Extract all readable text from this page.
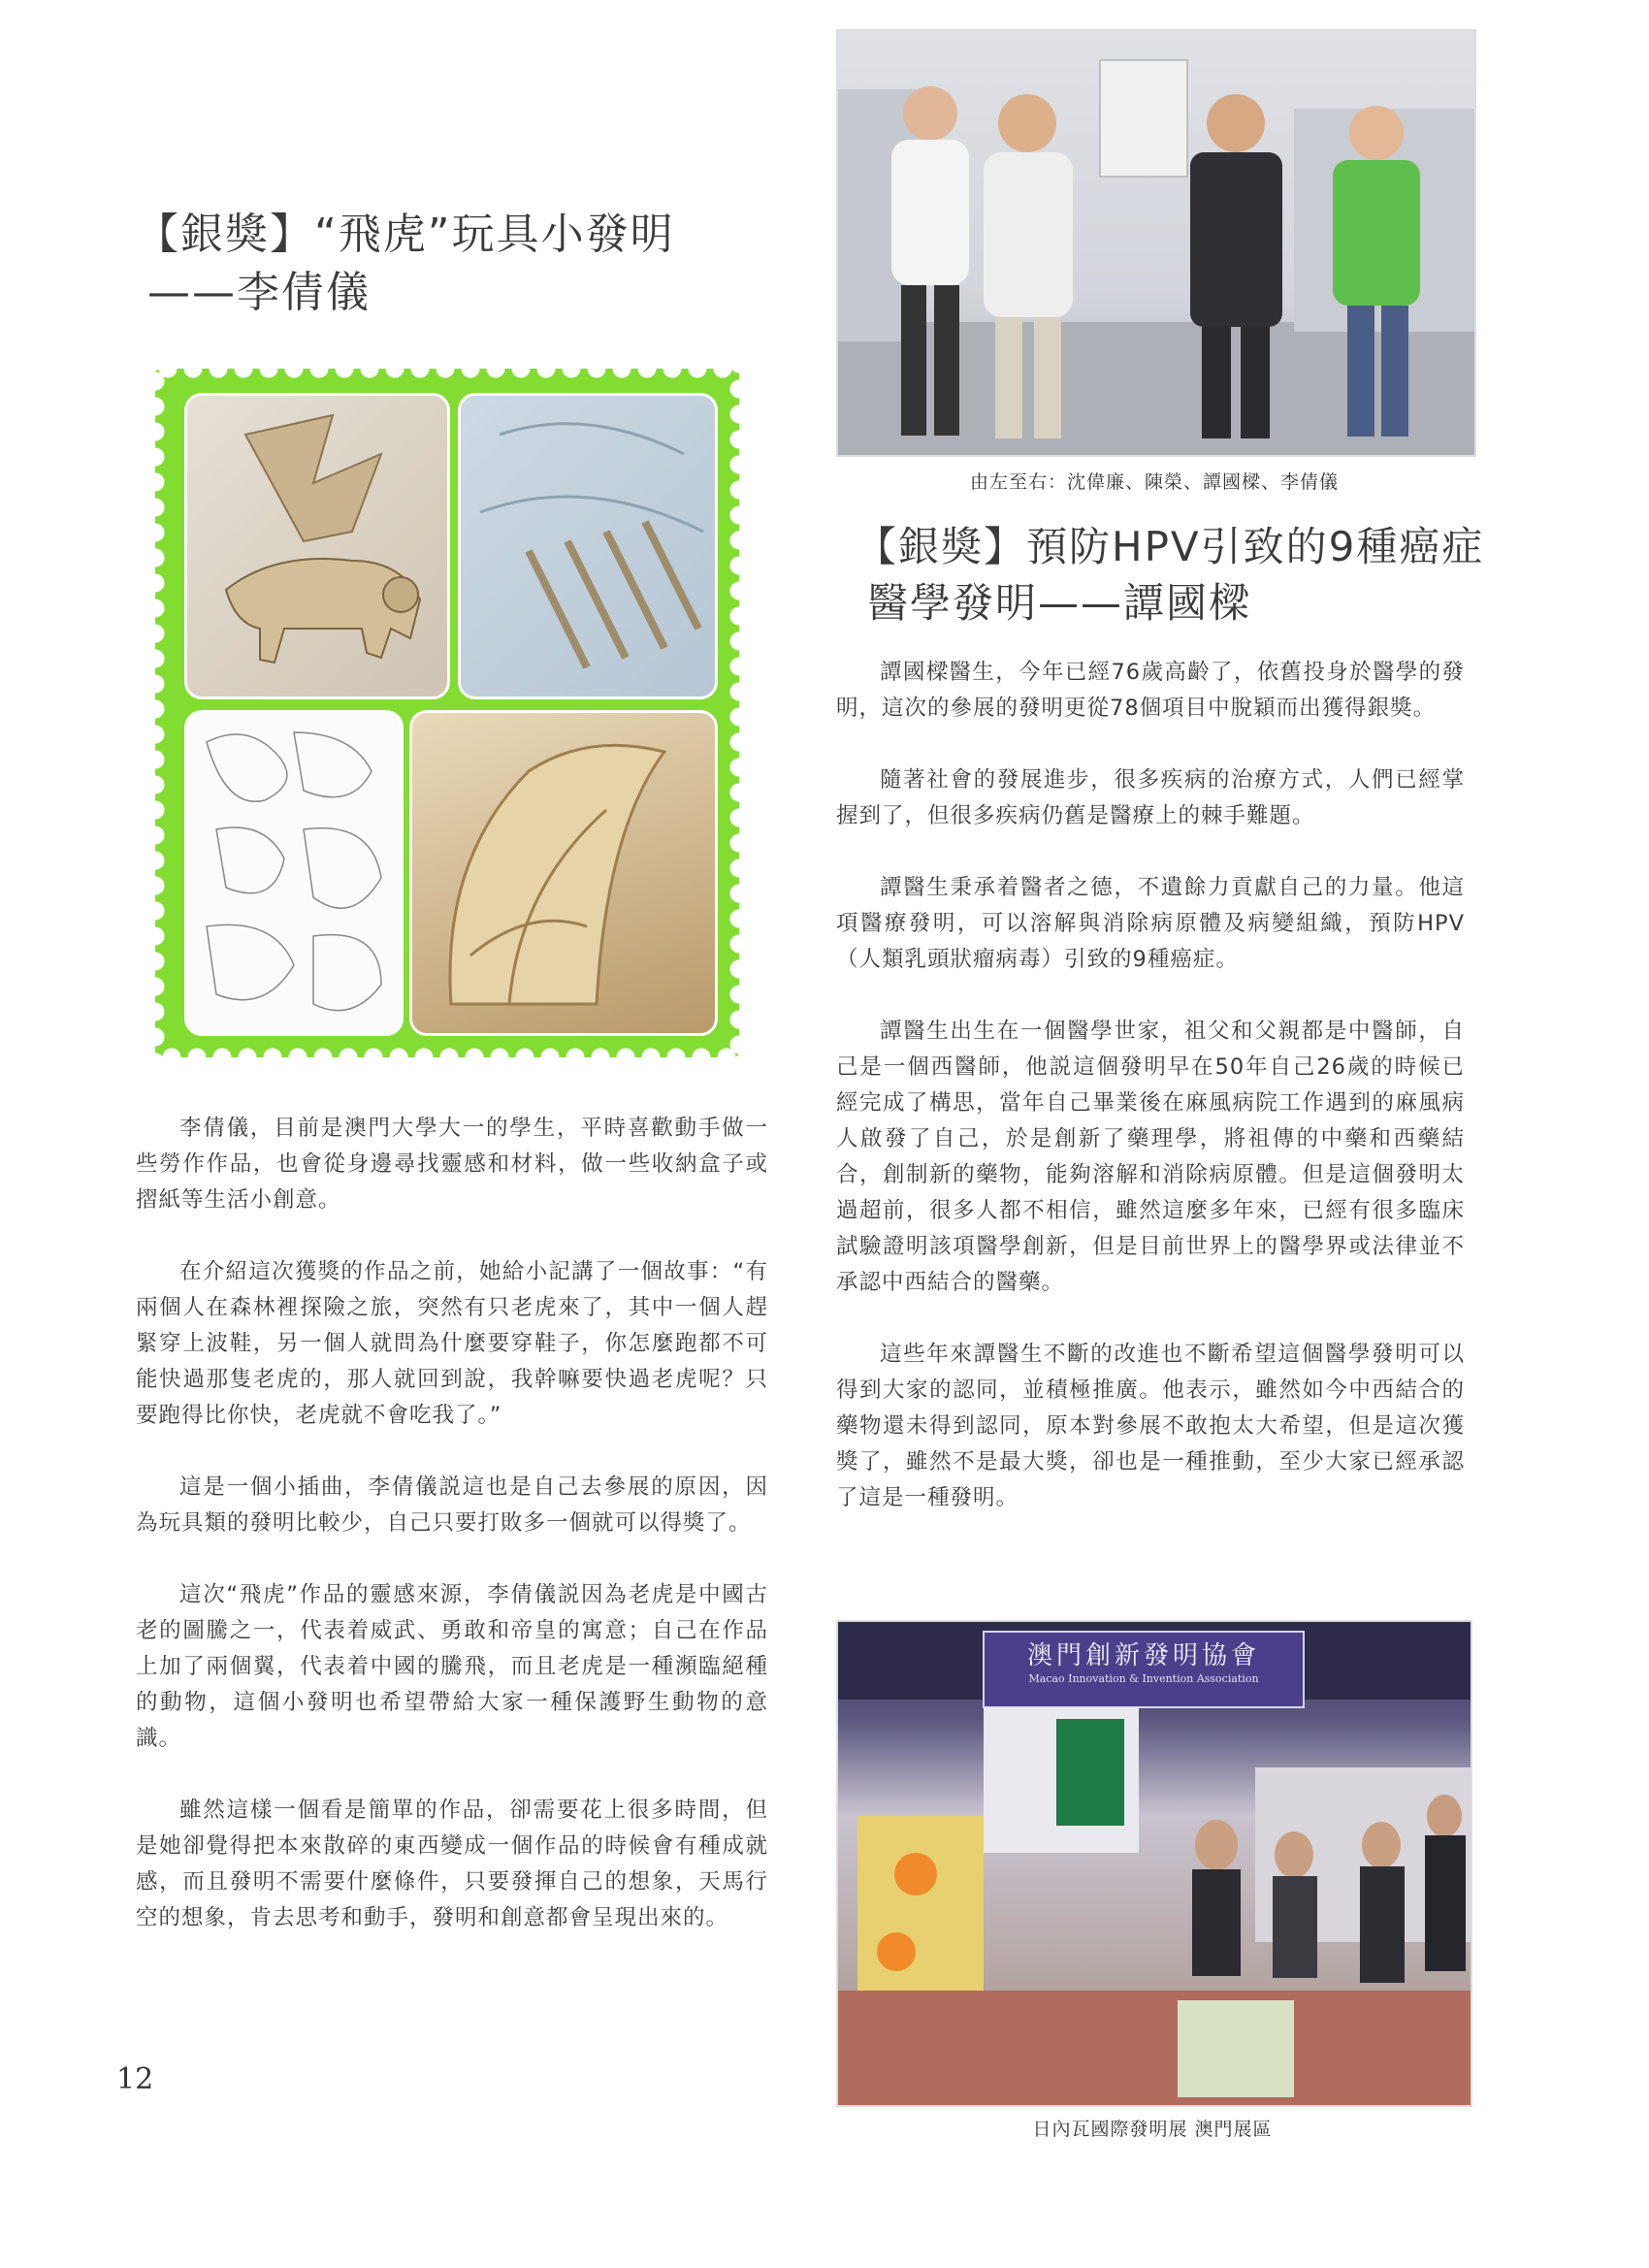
【銀獎】“飛虎”玩具小發明
——李倩儀

李倩儀，目前是澳門大學大一的學生，平時喜歡動手做一些勞作作品，也會從身邊尋找靈感和材料，做一些收納盒子或摺紙等生活小創意。

在介紹這次獲獎的作品之前，她給小記講了一個故事：“有兩個人在森林裡探險之旅，突然有只老虎來了，其中一個人趕緊穿上波鞋，另一個人就問為什麼要穿鞋子，你怎麼跑都不可能快過那隻老虎的，那人就回到說，我幹嘛要快過老虎呢？只要跑得比你快，老虎就不會吃我了。”

這是一個小插曲，李倩儀説這也是自己去參展的原因，因為玩具類的發明比較少，自己只要打敗多一個就可以得獎了。

這次“飛虎”作品的靈感來源，李倩儀説因為老虎是中國古老的圖騰之一，代表着威武、勇敢和帝皇的寓意；自己在作品上加了兩個翼，代表着中國的騰飛，而且老虎是一種瀕臨絕種的動物，這個小發明也希望帶給大家一種保護野生動物的意識。

雖然這樣一個看是簡單的作品，卻需要花上很多時間，但是她卻覺得把本來散碎的東西變成一個作品的時候會有種成就感，而且發明不需要什麼條件，只要發揮自己的想象，天馬行空的想象，肯去思考和動手，發明和創意都會呈現出來的。

12

由左至右：沈偉廉、陳榮、譚國樑、李倩儀

【銀獎】預防HPV引致的9種癌症
醫學發明——譚國樑

譚國樑醫生，今年已經76歲高齡了，依舊投身於醫學的發明，這次的參展的發明更從78個項目中脫穎而出獲得銀獎。

隨著社會的發展進步，很多疾病的治療方式，人們已經掌握到了，但很多疾病仍舊是醫療上的棘手難題。

譚醫生秉承着醫者之德，不遺餘力貢獻自己的力量。他這項醫療發明，可以溶解與消除病原體及病變組織，預防HPV（人類乳頭狀瘤病毒）引致的9種癌症。

譚醫生出生在一個醫學世家，祖父和父親都是中醫師，自己是一個西醫師，他説這個發明早在50年自己26歲的時候已經完成了構思，當年自己畢業後在麻風病院工作遇到的麻風病人啟發了自己，於是創新了藥理學，將祖傳的中藥和西藥結合，創制新的藥物，能夠溶解和消除病原體。但是這個發明太過超前，很多人都不相信，雖然這麼多年來，已經有很多臨床試驗證明該項醫學創新，但是目前世界上的醫學界或法律並不承認中西結合的醫藥。

這些年來譚醫生不斷的改進也不斷希望這個醫學發明可以得到大家的認同，並積極推廣。他表示，雖然如今中西結合的藥物還未得到認同，原本對參展不敢抱太大希望，但是這次獲獎了，雖然不是最大獎，卻也是一種推動，至少大家已經承認了這是一種發明。

澳門創新發明協會
Macao Innovation & Invention Association

日內瓦國際發明展 澳門展區
